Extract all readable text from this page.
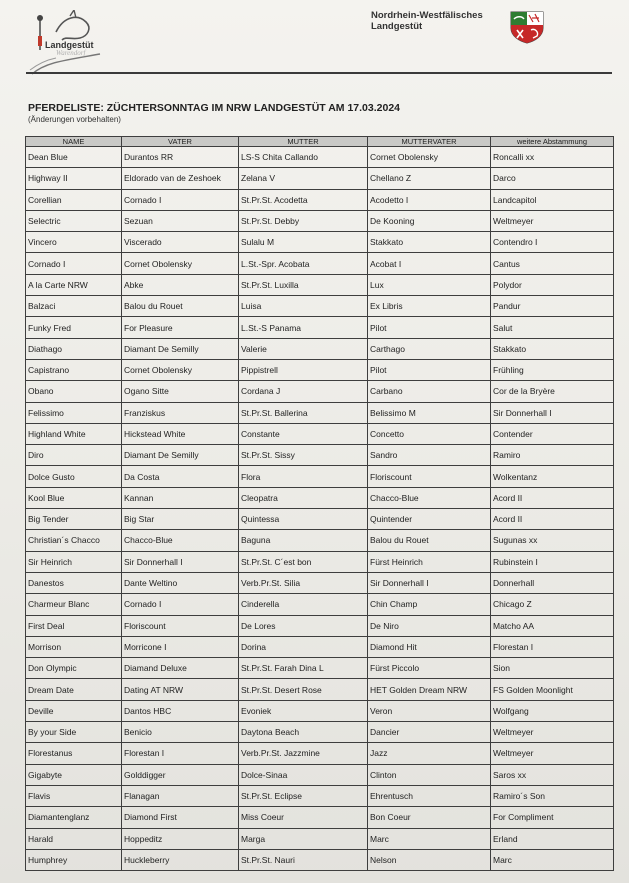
Landgestüt
Warendorf
Nordrhein-Westfälisches
Landgestüt
PFERDELISTE: ZÜCHTERSONNTAG IM NRW LANDGESTÜT AM 17.03.2024
(Änderungen vorbehalten)
NAME	VATER	MUTTER	MUTTERVATER	weitere Abstammung
Dean Blue	Durantos RR	LS-S Chita Callando	Cornet Obolensky	Roncalli xx
Highway II	Eldorado van de Zeshoek	Zelana V	Chellano Z	Darco
Corellian	Cornado I	St.Pr.St. Acodetta	Acodetto I	Landcapitol
Selectric	Sezuan	St.Pr.St. Debby	De Kooning	Weltmeyer
Vincero	Viscerado	Sulalu M	Stakkato	Contendro I
Cornado I	Cornet Obolensky	L.St.-Spr. Acobata	Acobat I	Cantus
A la Carte NRW	Abke	St.Pr.St. Luxilla	Lux	Polydor
Balzaci	Balou du Rouet	Luisa	Ex Libris	Pandur
Funky Fred	For Pleasure	L.St.-S Panama	Pilot	Salut
Diathago	Diamant De Semilly	Valerie	Carthago	Stakkato
Capistrano	Cornet Obolensky	Pippistrell	Pilot	Frühling
Obano	Ogano Sitte	Cordana J	Carbano	Cor de la Bryère
Felissimo	Franziskus	St.Pr.St. Ballerina	Belissimo M	Sir Donnerhall I
Highland White	Hickstead White	Constante	Concetto	Contender
Diro	Diamant De Semilly	St.Pr.St. Sissy	Sandro	Ramiro
Dolce Gusto	Da Costa	Flora	Floriscount	Wolkentanz
Kool Blue	Kannan	Cleopatra	Chacco-Blue	Acord II
Big Tender	Big Star	Quintessa	Quintender	Acord II
Christian´s Chacco	Chacco-Blue	Baguna	Balou du Rouet	Sugunas xx
Sir Heinrich	Sir Donnerhall I	St.Pr.St. C´est bon	Fürst Heinrich	Rubinstein I
Danestos	Dante Weltino	Verb.Pr.St. Silia	Sir Donnerhall I	Donnerhall
Charmeur Blanc	Cornado I	Cinderella	Chin Champ	Chicago Z
First Deal	Floriscount	De Lores	De Niro	Matcho AA
Morrison	Morricone I	Dorina	Diamond Hit	Florestan I
Don Olympic	Diamand Deluxe	St.Pr.St. Farah Dina L	Fürst Piccolo	Sion
Dream Date	Dating AT NRW	St.Pr.St. Desert Rose	HET Golden Dream NRW	FS Golden Moonlight
Deville	Dantos HBC	Evoniek	Veron	Wolfgang
By your Side	Benicio	Daytona Beach	Dancier	Weltmeyer
Florestanus	Florestan I	Verb.Pr.St. Jazzmine	Jazz	Weltmeyer
Gigabyte	Golddigger	Dolce-Sinaa	Clinton	Saros xx
Flavis	Flanagan	St.Pr.St. Eclipse	Ehrentusch	Ramiro´s Son
Diamantenglanz	Diamond First	Miss Coeur	Bon Coeur	For Compliment
Harald	Hoppeditz	Marga	Marc	Erland
Humphrey	Huckleberry	St.Pr.St. Nauri	Nelson	Marc
